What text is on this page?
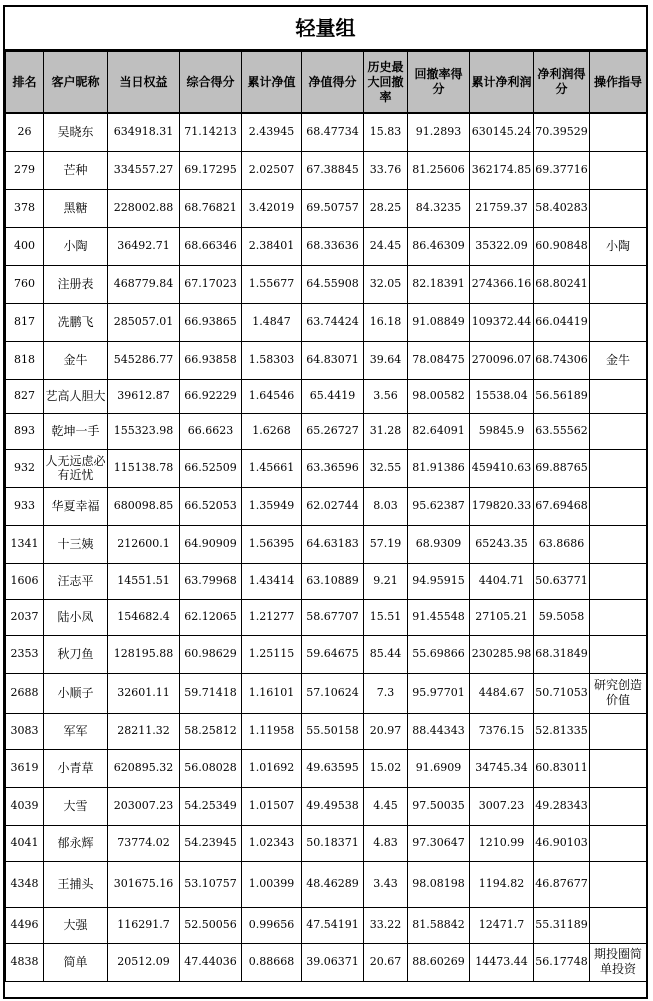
轻量组
排名	客户昵称	当日权益	综合得分	累计净值	净值得分	历史最大回撤率	回撤率得分	累计净利润	净利润得分	操作指导
26	吴晓东	634918.31	71.14213	2.43945	68.47734	15.83	91.2893	630145.24	70.39529	
279	芒种	334557.27	69.17295	2.02507	67.38845	33.76	81.25606	362174.85	69.37716	
378	黑糖	228002.88	68.76821	3.42019	69.50757	28.25	84.3235	21759.37	58.40283	
400	小陶	36492.71	68.66346	2.38401	68.33636	24.45	86.46309	35322.09	60.90848	小陶
760	注册表	468779.84	67.17023	1.55677	64.55908	32.05	82.18391	274366.16	68.80241	
817	冼鹏飞	285057.01	66.93865	1.4847	63.74424	16.18	91.08849	109372.44	66.04419	
818	金牛	545286.77	66.93858	1.58303	64.83071	39.64	78.08475	270096.07	68.74306	金牛
827	艺高人胆大	39612.87	66.92229	1.64546	65.4419	3.56	98.00582	15538.04	56.56189	
893	乾坤一手	155323.98	66.6623	1.6268	65.26727	31.28	82.64091	59845.9	63.55562	
932	人无远虑必有近忧	115138.78	66.52509	1.45661	63.36596	32.55	81.91386	459410.63	69.88765	
933	华夏幸福	680098.85	66.52053	1.35949	62.02744	8.03	95.62387	179820.33	67.69468	
1341	十三姨	212600.1	64.90909	1.56395	64.63183	57.19	68.9309	65243.35	63.8686	
1606	汪志平	14551.51	63.79968	1.43414	63.10889	9.21	94.95915	4404.71	50.63771	
2037	陆小凤	154682.4	62.12065	1.21277	58.67707	15.51	91.45548	27105.21	59.5058	
2353	秋刀鱼	128195.88	60.98629	1.25115	59.64675	85.44	55.69866	230285.98	68.31849	
2688	小顺子	32601.11	59.71418	1.16101	57.10624	7.3	95.97701	4484.67	50.71053	研究创造价值
3083	军军	28211.32	58.25812	1.11958	55.50158	20.97	88.44343	7376.15	52.81335	
3619	小青草	620895.32	56.08028	1.01692	49.63595	15.02	91.6909	34745.34	60.83011	
4039	大雪	203007.23	54.25349	1.01507	49.49538	4.45	97.50035	3007.23	49.28343	
4041	郁永辉	73774.02	54.23945	1.02343	50.18371	4.83	97.30647	1210.99	46.90103	
4348	王捕头	301675.16	53.10757	1.00399	48.46289	3.43	98.08198	1194.82	46.87677	
4496	大强	116291.7	52.50056	0.99656	47.54191	33.22	81.58842	12471.7	55.31189	
4838	简单	20512.09	47.44036	0.88668	39.06371	20.67	88.60269	14473.44	56.17748	期投圈简单投资
